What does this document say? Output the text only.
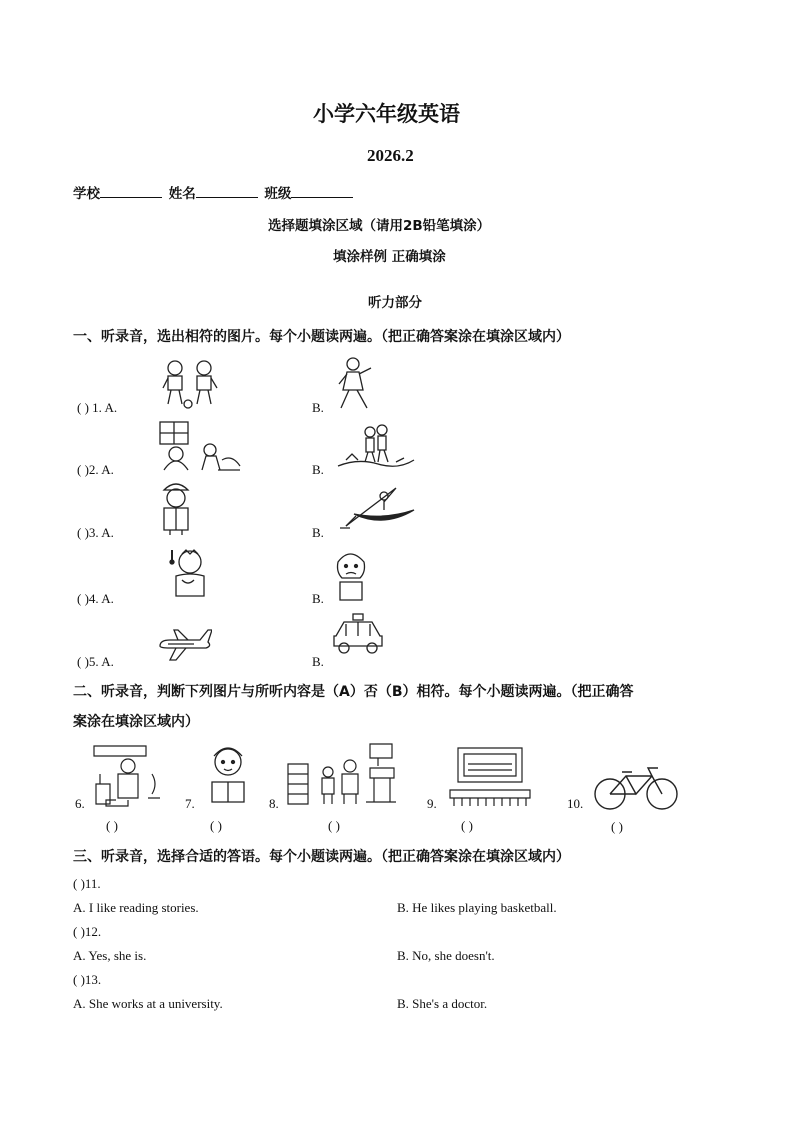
小学六年级英语
2026.2
学校	姓名	班级
选择题填涂区域（请用2B铅笔填涂）
填涂样例 正确填涂
听力部分
一、听录音，选出相符的图片。每个小题读两遍。（把正确答案涂在填涂区域内）
( ) 1. A.	B.
( )2. A.	B.
( )3. A.	B.
( )4. A.	B.
( )5. A.	B.
二、听录音，判断下列图片与所听内容是（A）否（B）相符。每个小题读两遍。（把正确答
案涂在填涂区域内）
6.
( )
7.
( )
8.
( )
9.
( )
10.
( )
三、听录音，选择合适的答语。每个小题读两遍。（把正确答案涂在填涂区域内）
( )11.
A. I like reading stories.	B. He likes playing basketball.
( )12.
A. Yes, she is.	B. No, she doesn't.
( )13.
A. She works at a university.	B. She's a doctor.
